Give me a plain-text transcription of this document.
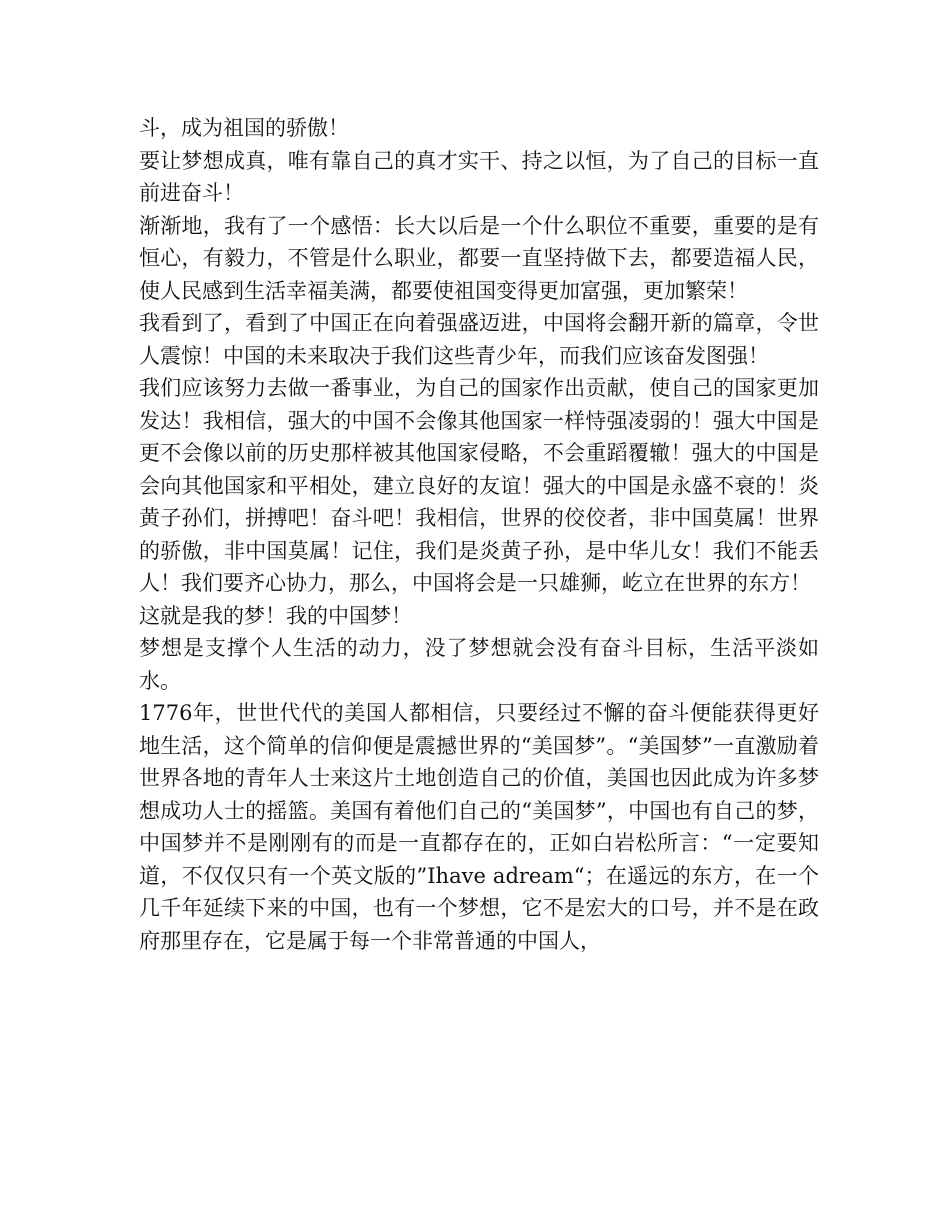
斗，成为祖国的骄傲！

要让梦想成真，唯有靠自己的真才实干、持之以恒，为了自己的目标一直前进奋斗！

渐渐地，我有了一个感悟：长大以后是一个什么职位不重要，重要的是有恒心，有毅力，不管是什么职业，都要一直坚持做下去，都要造福人民，使人民感到生活幸福美满，都要使祖国变得更加富强，更加繁荣！

我看到了，看到了中国正在向着强盛迈进，中国将会翻开新的篇章，令世人震惊！中国的未来取决于我们这些青少年，而我们应该奋发图强！

我们应该努力去做一番事业，为自己的国家作出贡献，使自己的国家更加发达！我相信，强大的中国不会像其他国家一样恃强凌弱的！强大中国是更不会像以前的历史那样被其他国家侵略，不会重蹈覆辙！强大的中国是会向其他国家和平相处，建立良好的友谊！强大的中国是永盛不衰的！炎黄子孙们，拼搏吧！奋斗吧！我相信，世界的佼佼者，非中国莫属！世界的骄傲，非中国莫属！记住，我们是炎黄子孙，是中华儿女！我们不能丢人！我们要齐心协力，那么，中国将会是一只雄狮，屹立在世界的东方！

这就是我的梦！我的中国梦！

梦想是支撑个人生活的动力，没了梦想就会没有奋斗目标，生活平淡如水。

1776年，世世代代的美国人都相信，只要经过不懈的奋斗便能获得更好地生活，这个简单的信仰便是震撼世界的“美国梦”。“美国梦”一直激励着世界各地的青年人士来这片土地创造自己的价值，美国也因此成为许多梦想成功人士的摇篮。美国有着他们自己的“美国梦”，中国也有自己的梦，中国梦并不是刚刚有的而是一直都存在的，正如白岩松所言：“一定要知道，不仅仅只有一个英文版的”Ihave adream“；在遥远的东方，在一个几千年延续下来的中国，也有一个梦想，它不是宏大的口号，并不是在政府那里存在，它是属于每一个非常普通的中国人，
